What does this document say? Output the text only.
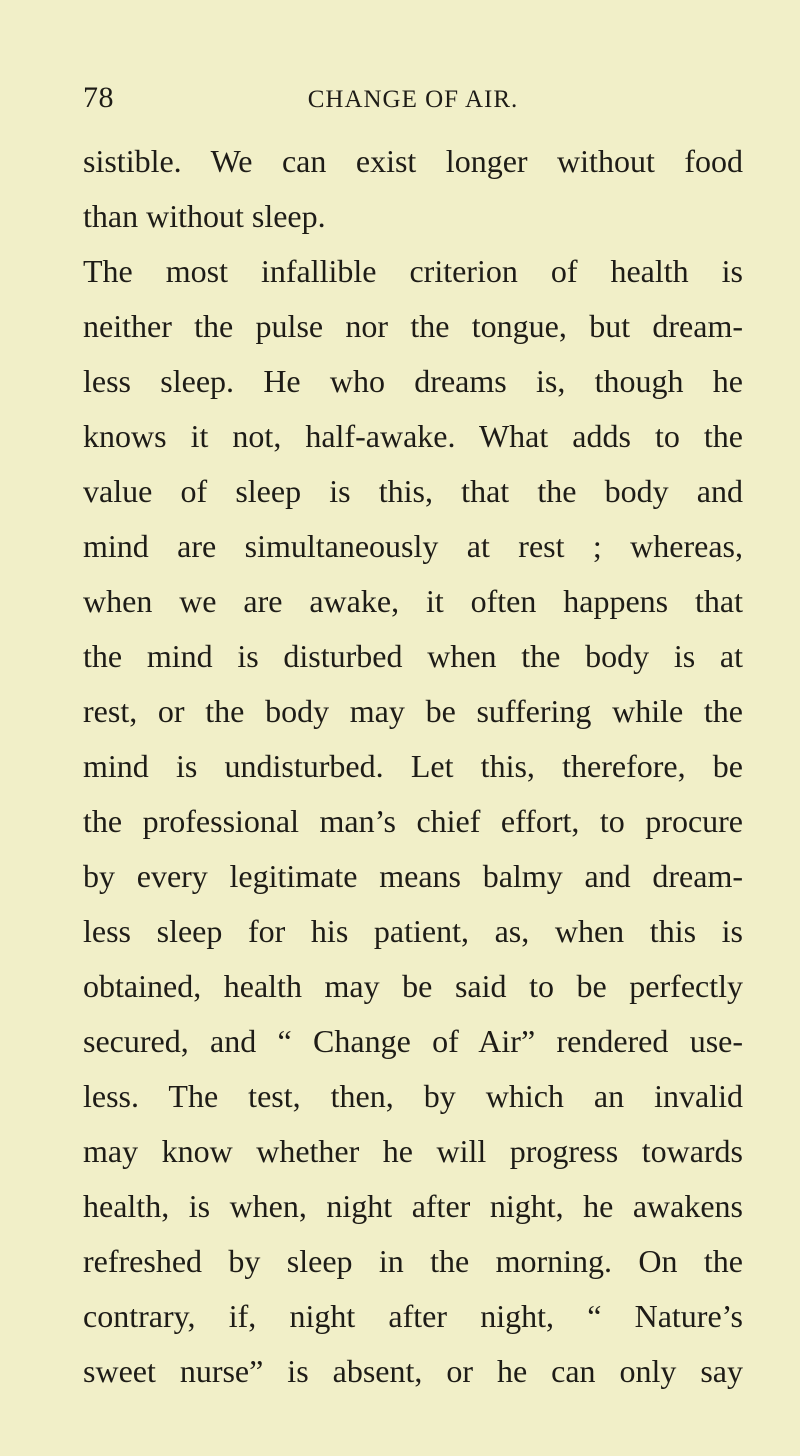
78	CHANGE OF AIR.
sistible. We can exist longer without food
than without sleep.
The most infallible criterion of health is
neither the pulse nor the tongue, but dream-
less sleep. He who dreams is, though he
knows it not, half-awake. What adds to the
value of sleep is this, that the body and
mind are simultaneously at rest ; whereas,
when we are awake, it often happens that
the mind is disturbed when the body is at
rest, or the body may be suffering while the
mind is undisturbed. Let this, therefore, be
the professional man’s chief effort, to procure
by every legitimate means balmy and dream-
less sleep for his patient, as, when this is
obtained, health may be said to be perfectly
secured, and “ Change of Air” rendered use-
less. The test, then, by which an invalid
may know whether he will progress towards
health, is when, night after night, he awakens
refreshed by sleep in the morning. On the
contrary, if, night after night, “ Nature’s
sweet nurse” is absent, or he can only say
